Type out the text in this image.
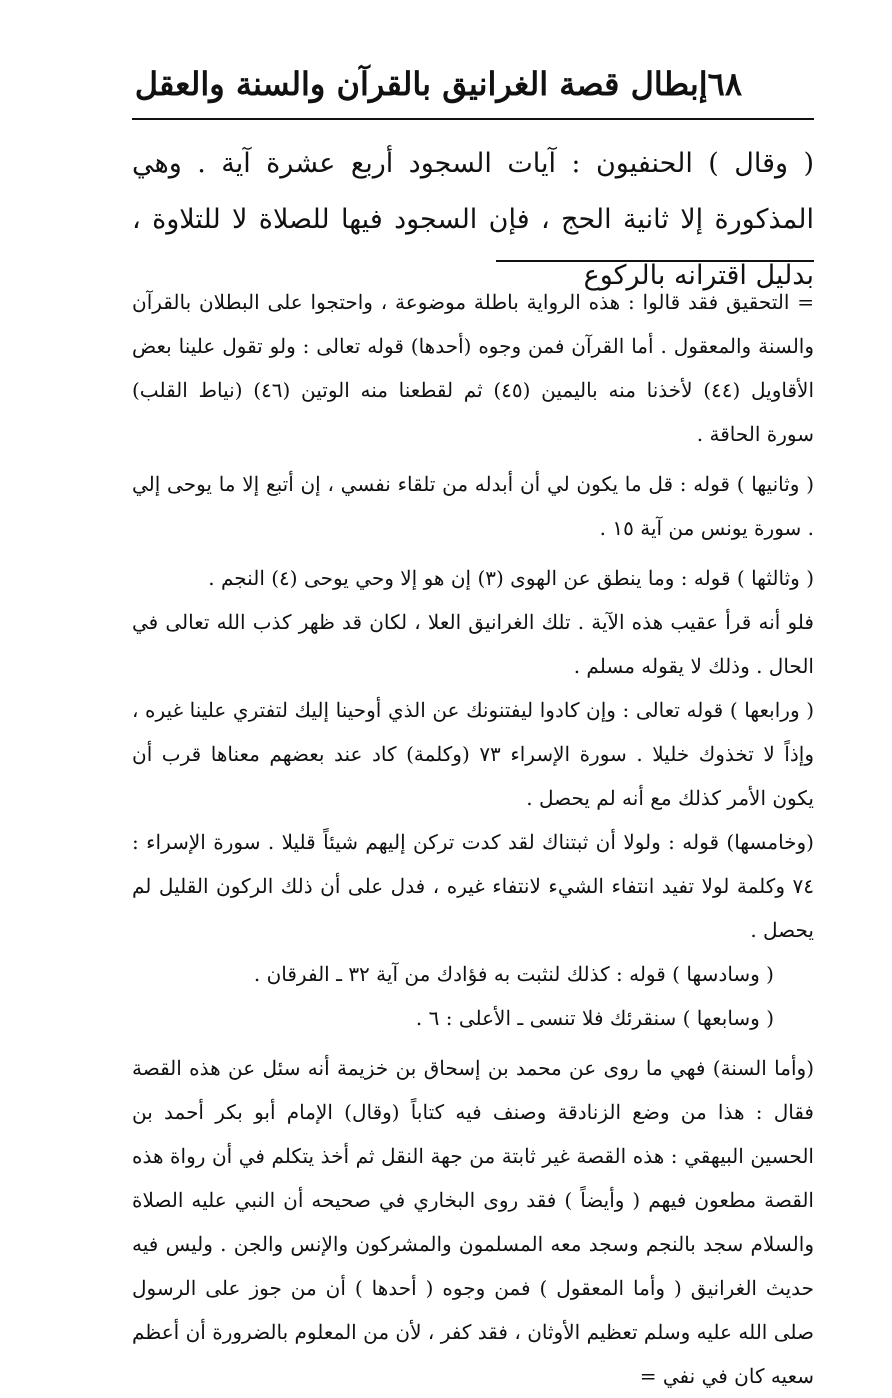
٦٨
إبطال قصة الغرانيق بالقرآن والسنة والعقل

( وقال ) الحنفيون : آيات السجود أربع عشرة آية . وهي المذكورة إلا ثانية الحج ، فإن السجود فيها للصلاة لا للتلاوة ، بدليل اقترانه بالركوع

= التحقيق فقد قالوا : هذه الرواية باطلة موضوعة ، واحتجوا على البطلان بالقرآن والسنة والمعقول . أما القرآن فمن وجوه (أحدها) قوله تعالى : ولو تقول علينا بعض الأقاويل (٤٤) لأخذنا منه باليمين (٤٥) ثم لقطعنا منه الوتين (٤٦) (نياط القلب) سورة الحاقة .

( وثانيها ) قوله : قل ما يكون لي أن أبدله من تلقاء نفسي ، إن أتبع إلا ما يوحى إلي . سورة يونس من آية ١٥ .

( وثالثها ) قوله : وما ينطق عن الهوى (٣) إن هو إلا وحي يوحى (٤) النجم .

فلو أنه قرأ عقيب هذه الآية . تلك الغرانيق العلا ، لكان قد ظهر كذب الله تعالى في الحال . وذلك لا يقوله مسلم .

( ورابعها ) قوله تعالى : وإن كادوا ليفتنونك عن الذي أوحينا إليك لتفتري علينا غيره ، وإذاً لا تخذوك خليلا . سورة الإسراء ٧٣ (وكلمة) كاد عند بعضهم معناها قرب أن يكون الأمر كذلك مع أنه لم يحصل .

(وخامسها) قوله : ولولا أن ثبتناك لقد كدت تركن إليهم شيئاً قليلا . سورة الإسراء : ٧٤ وكلمة لولا تفيد انتفاء الشيء لانتفاء غيره ، فدل على أن ذلك الركون القليل لم يحصل .

( وسادسها ) قوله : كذلك لنثبت به فؤادك من آية ٣٢ ـ الفرقان .

( وسابعها ) سنقرئك فلا تنسى ـ الأعلى : ٦ .

(وأما السنة) فهي ما روى عن محمد بن إسحاق بن خزيمة أنه سئل عن هذه القصة فقال : هذا من وضع الزنادقة وصنف فيه كتاباً (وقال) الإمام أبو بكر أحمد بن الحسين البيهقي : هذه القصة غير ثابتة من جهة النقل ثم أخذ يتكلم في أن رواة هذه القصة مطعون فيهم ( وأيضاً ) فقد روى البخاري في صحيحه أن النبي عليه الصلاة والسلام سجد بالنجم وسجد معه المسلمون والمشركون والإنس والجن . وليس فيه حديث الغرانيق ( وأما المعقول ) فمن وجوه ( أحدها ) أن من جوز على الرسول صلى الله عليه وسلم تعظيم الأوثان ، فقد كفر ، لأن من المعلوم بالضرورة أن أعظم سعيه كان في نفي =
